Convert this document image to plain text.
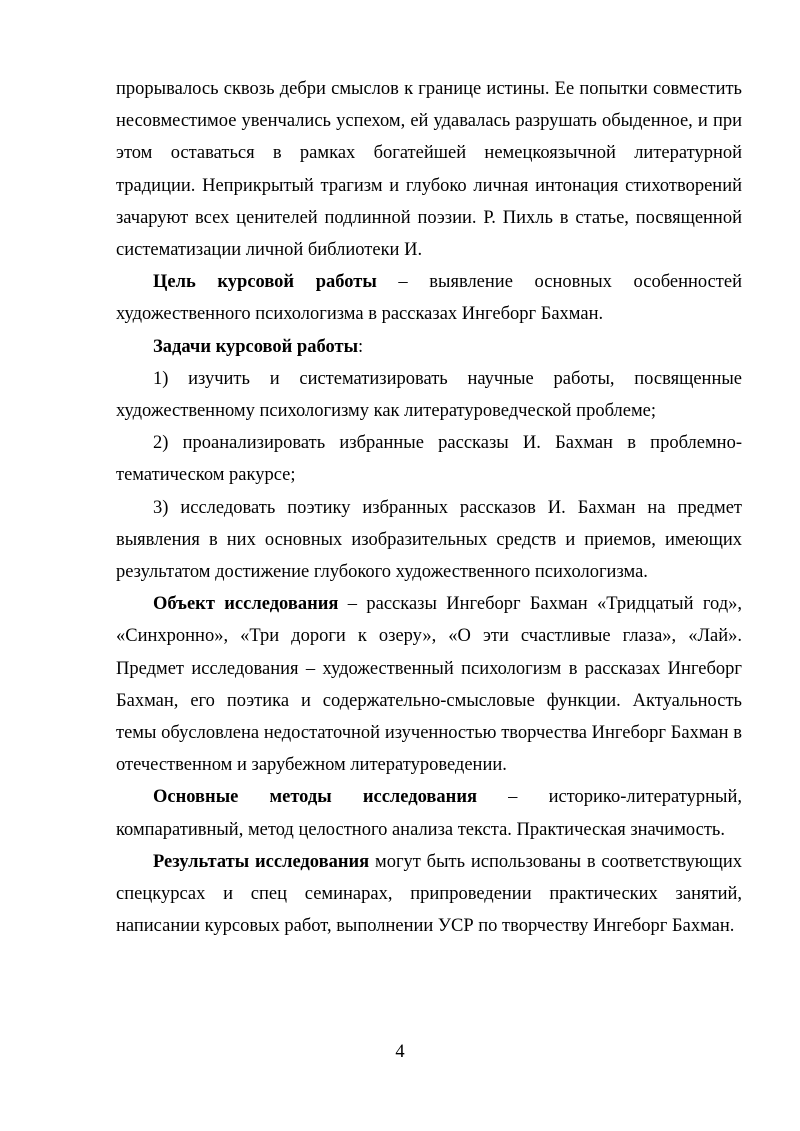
прорывалось сквозь дебри смыслов к границе истины. Ее попытки совместить несовместимое увенчались успехом, ей удавалась разрушать обыденное, и при этом оставаться в рамках богатейшей немецкоязычной литературной традиции. Неприкрытый трагизм и глубоко личная интонация стихотворений зачаруют всех ценителей подлинной поэзии. Р. Пихль в статье, посвященной систематизации личной библиотеки И.

Цель курсовой работы – выявление основных особенностей художественного психологизма в рассказах Ингеборг Бахман.

Задачи курсовой работы:

1) изучить и систематизировать научные работы, посвященные художественному психологизму как литературоведческой проблеме;

2) проанализировать избранные рассказы И. Бахман в проблемно-тематическом ракурсе;

3) исследовать поэтику избранных рассказов И. Бахман на предмет выявления в них основных изобразительных средств и приемов, имеющих результатом достижение глубокого художественного психологизма.

Объект исследования – рассказы Ингеборг Бахман «Тридцатый год», «Синхронно», «Три дороги к озеру», «О эти счастливые глаза», «Лай». Предмет исследования – художественный психологизм в рассказах Ингеборг Бахман, его поэтика и содержательно-смысловые функции. Актуальность темы обусловлена недостаточной изученностью творчества Ингеборг Бахман в отечественном и зарубежном литературоведении.

Основные методы исследования – историко-литературный, компаративный, метод целостного анализа текста. Практическая значимость.

Результаты исследования могут быть использованы в соответствующих спецкурсах и спец семинарах, припроведении практических занятий, написании курсовых работ, выполнении УСР по творчеству Ингеборг Бахман.

4
